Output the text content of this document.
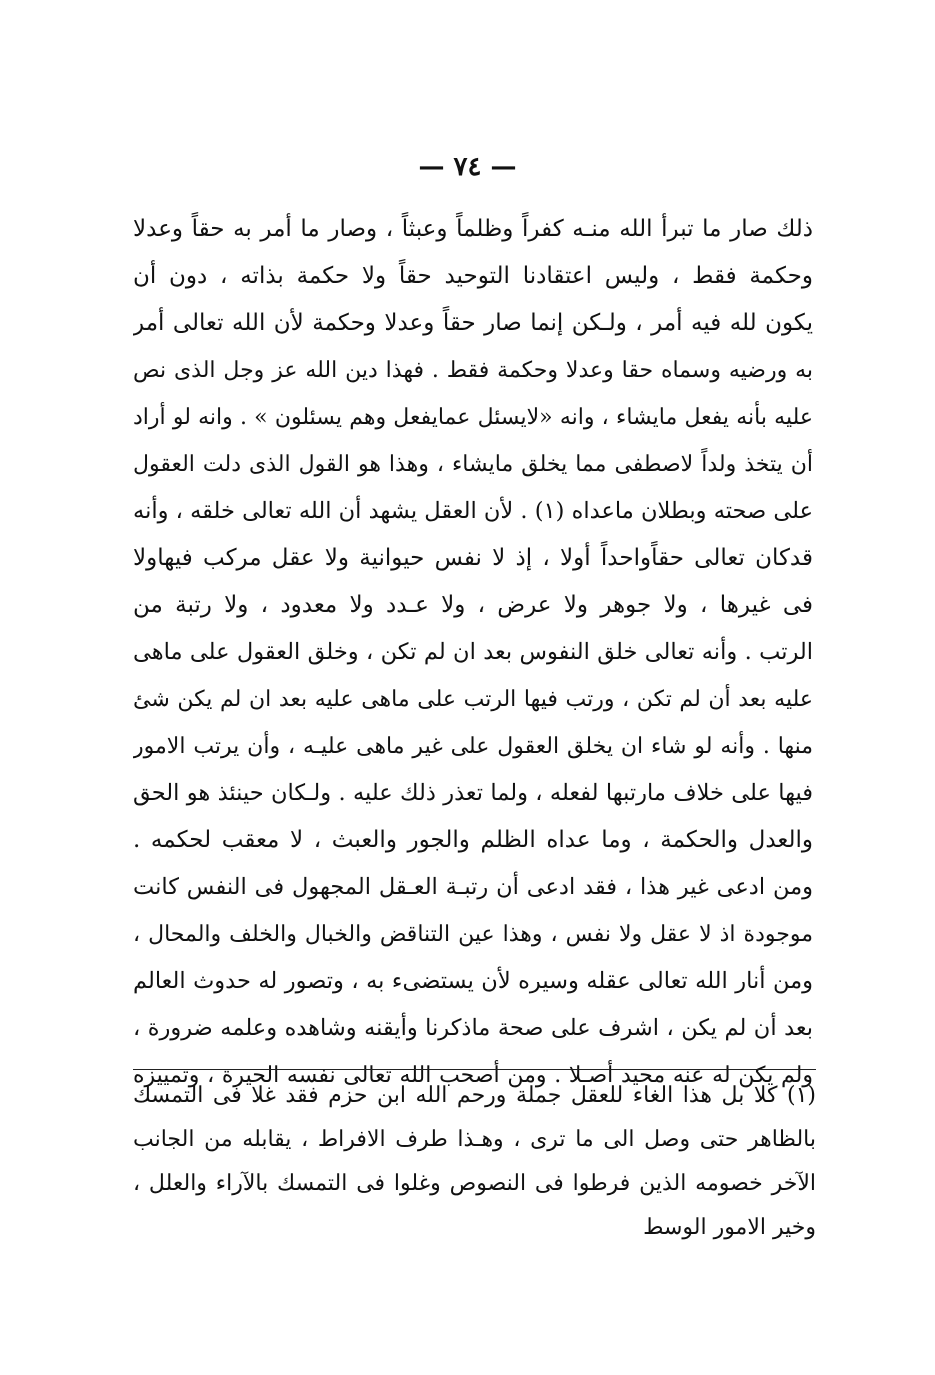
— ٧٤ —
ذلك صار ما تبرأ الله منـه كفراً وظلماً وعبثاً ، وصار ما أمر به حقاً وعدلا
وحكمة فقط ، وليس اعتقادنا التوحيد حقاً ولا حكمة بذاته ، دون أن
يكون لله فيه أمر ، ولـكن إنما صار حقاً وعدلا وحكمة لأن الله تعالى أمر
به ورضيه وسماه حقا وعدلا وحكمة فقط . فهذا دين الله عز وجل الذى نص
عليه بأنه يفعل مايشاء ، وانه «لايسئل عمايفعل وهم يسئلون » . وانه لو أراد
أن يتخذ ولداً لاصطفى مما يخلق مايشاء ، وهذا هو القول الذى دلت العقول
على صحته وبطلان ماعداه (١) . لأن العقل يشهد أن الله تعالى خلقه ، وأنه
قدكان تعالى حقاًواحداً أولا ، إذ لا نفس حيوانية ولا عقل مركب فيهاولا
فى غيرها ، ولا جوهر ولا عرض ، ولا عـدد ولا معدود ، ولا رتبة من
الرتب . وأنه تعالى خلق النفوس بعد ان لم تكن ، وخلق العقول على ماهى
عليه بعد أن لم تكن ، ورتب فيها الرتب على ماهى عليه بعد ان لم يكن شئ
منها . وأنه لو شاء ان يخلق العقول على غير ماهى عليـه ، وأن يرتب الامور
فيها على خلاف مارتبها لفعله ، ولما تعذر ذلك عليه . ولـكان حينئذ هو الحق
والعدل والحكمة ، وما عداه الظلم والجور والعبث ، لا معقب لحكمه .
ومن ادعى غير هذا ، فقد ادعى أن رتبـة العـقل المجهول فى النفس كانت
موجودة اذ لا عقل ولا نفس ، وهذا عين التناقض والخبال والخلف والمحال ،
ومن أنار الله تعالى عقله وسيره لأن يستضىء به ، وتصور له حدوث العالم
بعد أن لم يكن ، اشرف على صحة ماذكرنا وأيقنه وشاهده وعلمه ضرورة ،
ولم يكن له عنه محيد أصـلا . ومن أصحب الله تعالى نفسه الحيرة ، وتمييزه
(١) كلا بل هذا الغاء للعقل جملة ورحم الله ابن حزم فقد غلا فى التمسك
بالظاهر حتى وصل الى ما ترى ، وهـذا طرف الافراط ، يقابله من الجانب
الآخر خصومه الذين فرطوا فى النصوص وغلوا فى التمسك بالآراء والعلل ،
وخير الامور الوسط
